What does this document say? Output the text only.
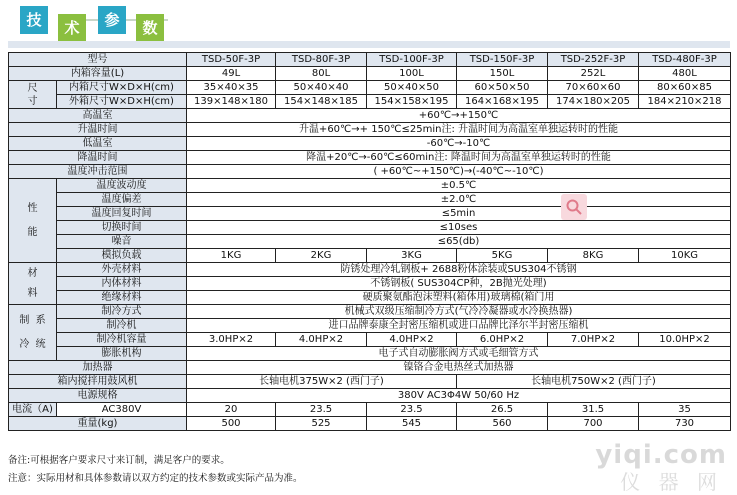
技	术	参	数
型号		TSD-50F-3P	TSD-80F-3P	TSD-100F-3P	TSD-150F-3P	TSD-252F-3P	TSD-480F-3P
内箱容量(L)		49L	80L	100L	150L	252L	480L
尺
寸	内箱尺寸W×D×H(cm)	35×40×35	50×40×40	50×40×50	60×50×50	70×60×60	80×60×85
	外箱尺寸W×D×H(cm)	139×148×180	154×148×185	154×158×195	164×168×195	174×180×205	184×210×218
高温室		+60℃→+150℃					
升温时间		升温+60℃→+ 150℃≤25min注: 升温时间为高温室单独运转时的性能					
低温室		-60℃→-10℃					
降温时间		降温+20℃→-60℃≤60min注: 降温时间为高温室单独运转时的性能					
温度冲击范围		( +60℃~+150℃)→(-40℃~-10℃)					
性

能	温度波动度	±0.5℃					
	温度偏差	±2.0℃					
	温度回复时间	≤5min					
	切换时间	≤10ses					
	噪音	≤65(db)					
	模拟负载	1KG	2KG	3KG	5KG	8KG	10KG
材

料	外壳材料	防锈处理冷轧钢板+ 2688粉体涂装或SUS304不锈钢					
	内体材料	不锈钢板( SUS304CP种，2B抛光处理)					
	绝缘材料	硬质聚氨酯泡沫塑料(箱体用)玻璃棉(箱门用					
制  系

冷  统	制冷方式	机械式双级压缩制冷方式(气冷冷凝器或水冷换热器)					
	制冷机	进口品牌泰康全封密压缩机或进口品牌比泽尔半封密压缩机					
	制冷机容量	3.0HP×2	4.0HP×2	4.0HP×2	6.0HP×2	7.0HP×2	10.0HP×2
	膨胀机构	电子式自动膨胀阀方式或毛细管方式					
加热器		镍铬合金电热丝式加热器					
箱内搅拌用鼓风机		长轴电机375W×2 (西门子)			长轴电机750W×2 (西门子)		
电源规格		380V AC3Φ4W 50/60 Hz					
电流（A)	AC380V	20	23.5	23.5	26.5	31.5	35
重量(kg)		500	525	545	560	700	730
备注:可根据客户要求尺寸来订制，满足客户的要求。
注意：实际用材和具体参数请以双方约定的技术参数或实际产品为准。
yiqi.com
仪 器 网
